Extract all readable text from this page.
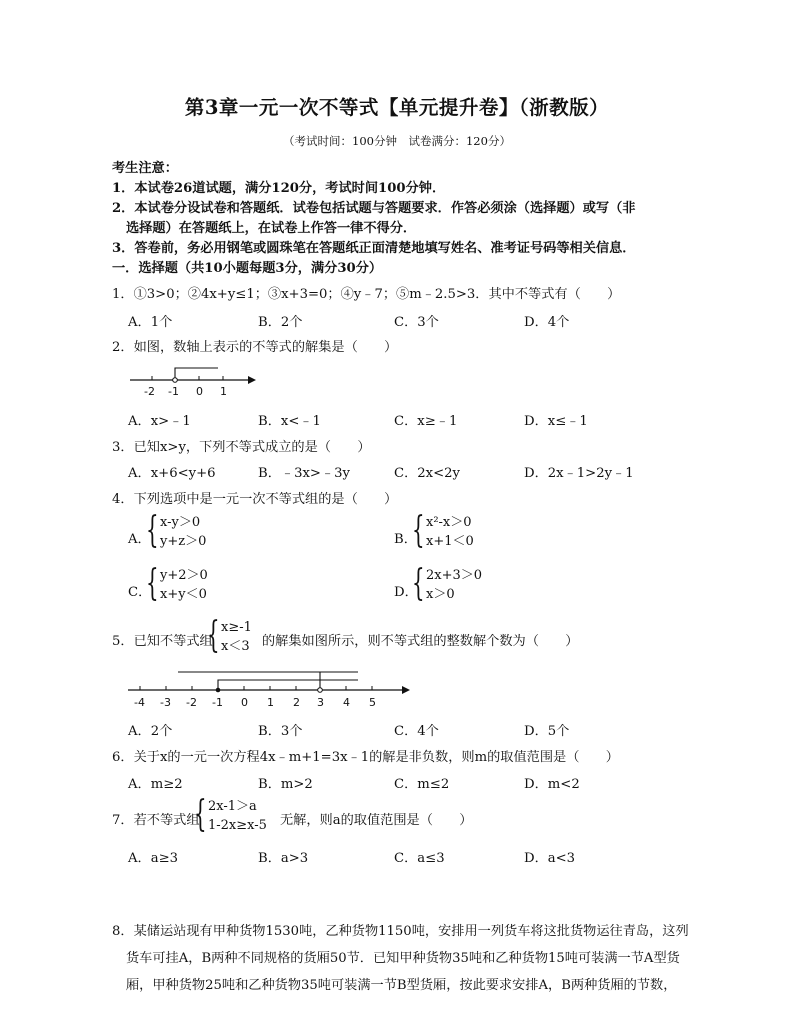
第3章一元一次不等式【单元提升卷】（浙教版）
（考试时间：100分钟　试卷满分：120分）
考生注意：
1．本试卷26道试题，满分120分，考试时间100分钟．
2．本试卷分设试卷和答题纸．试卷包括试题与答题要求．作答必须涂（选择题）或写（非
选择题）在答题纸上，在试卷上作答一律不得分．
3．答卷前，务必用钢笔或圆珠笔在答题纸正面清楚地填写姓名、准考证号码等相关信息．
一．选择题（共10小题每题3分，满分30分）
1．①3>0；②4x+y≤1；③x+3=0；④y﹣7；⑤m﹣2.5>3．其中不等式有（　　）
A．1个	B．2个	C．3个	D．4个
2．如图，数轴上表示的不等式的解集是（　　）
-2 -1 0 1
A．x>﹣1	B．x<﹣1	C．x≥﹣1	D．x≤﹣1
3．已知x>y，下列不等式成立的是（　　）
A．x+6<y+6	B．﹣3x>﹣3y	C．2x<2y	D．2x﹣1>2y﹣1
4．下列选项中是一元一次不等式组的是（　　）
A．
{ x-y＞0
y+z＞0	B．
{ x²-x＞0
x+1＜0
C．
{ y+2＞0
x+y＜0	D．
{ 2x+3＞0
x＞0
5．已知不等式组
{ x≥-1
x＜3 的解集如图所示，则不等式组的整数解个数为（　　）
-4 -3 -2 -1 0 1 2 3 4 5
A．2个	B．3个	C．4个	D．5个
6．关于x的一元一次方程4x﹣m+1=3x﹣1的解是非负数，则m的取值范围是（　　）
A．m≥2	B．m>2	C．m≤2	D．m<2
7．若不等式组
{ 2x-1＞a
1-2x≥x-5 无解，则a的取值范围是（　　）
A．a≥3	B．a>3	C．a≤3	D．a<3
8．某储运站现有甲种货物1530吨，乙种货物1150吨，安排用一列货车将这批货物运往青岛，这列
货车可挂A，B两种不同规格的货厢50节．已知甲种货物35吨和乙种货物15吨可装满一节A型货
厢，甲种货物25吨和乙种货物35吨可装满一节B型货厢，按此要求安排A，B两种货厢的节数，
